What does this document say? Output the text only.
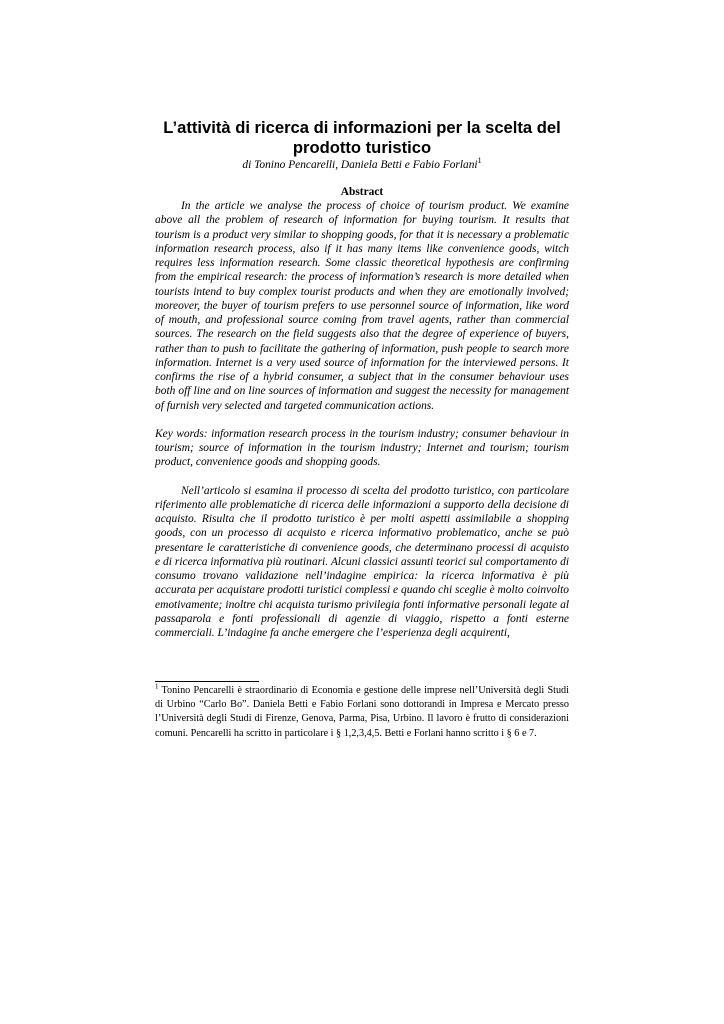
L’attività di ricerca di informazioni per la scelta del prodotto turistico

di Tonino Pencarelli, Daniela Betti e Fabio Forlani$^1$

Abstract

In the article we analyse the process of choice of tourism product. We examine above all the problem of research of information for buying tourism. It results that tourism is a product very similar to shopping goods, for that it is necessary a problematic information research process, also if it has many items like convenience goods, witch requires less information research. Some classic theoretical hypothesis are confirming from the empirical research: the process of information’s research is more detailed when tourists intend to buy complex tourist products and when they are emotionally involved; moreover, the buyer of tourism prefers to use personnel source of information, like word of mouth, and professional source coming from travel agents, rather than commercial sources. The research on the field suggests also that the degree of experience of buyers, rather than to push to facilitate the gathering of information, push people to search more information. Internet is a very used source of information for the interviewed persons. It confirms the rise of a hybrid consumer, a subject that in the consumer behaviour uses both off line and on line sources of information and suggest the necessity for management of furnish very selected and targeted communication actions.

Key words: information research process in the tourism industry; consumer behaviour in tourism; source of information in the tourism industry; Internet and tourism; tourism product, convenience goods and shopping goods.

Nell’articolo si esamina il processo di scelta del prodotto turistico, con particolare riferimento alle problematiche di ricerca delle informazioni a supporto della decisione di acquisto. Risulta che il prodotto turistico è per molti aspetti assimilabile a shopping goods, con un processo di acquisto e ricerca informativo problematico, anche se può presentare le caratteristiche di convenience goods, che determinano processi di acquisto e di ricerca informativa più routinari. Alcuni classici assunti teorici sul comportamento di consumo trovano validazione nell’indagine empirica: la ricerca informativa è più accurata per acquistare prodotti turistici complessi e quando chi sceglie è molto coinvolto emotivamente; inoltre chi acquista turismo privilegia fonti informative personali legate al passaparola e fonti professionali di agenzie di viaggio, rispetto a fonti esterne commerciali. L’indagine fa anche emergere che l’esperienza degli acquirenti,

$^1$ Tonino Pencarelli è straordinario di Economia e gestione delle imprese nell’Università degli Studi di Urbino “Carlo Bo”. Daniela Betti e Fabio Forlani sono dottorandi in Impresa e Mercato presso l’Università degli Studi di Firenze, Genova, Parma, Pisa, Urbino. Il lavoro è frutto di considerazioni comuni. Pencarelli ha scritto in particolare i § 1,2,3,4,5. Betti e Forlani hanno scritto i § 6 e 7.
